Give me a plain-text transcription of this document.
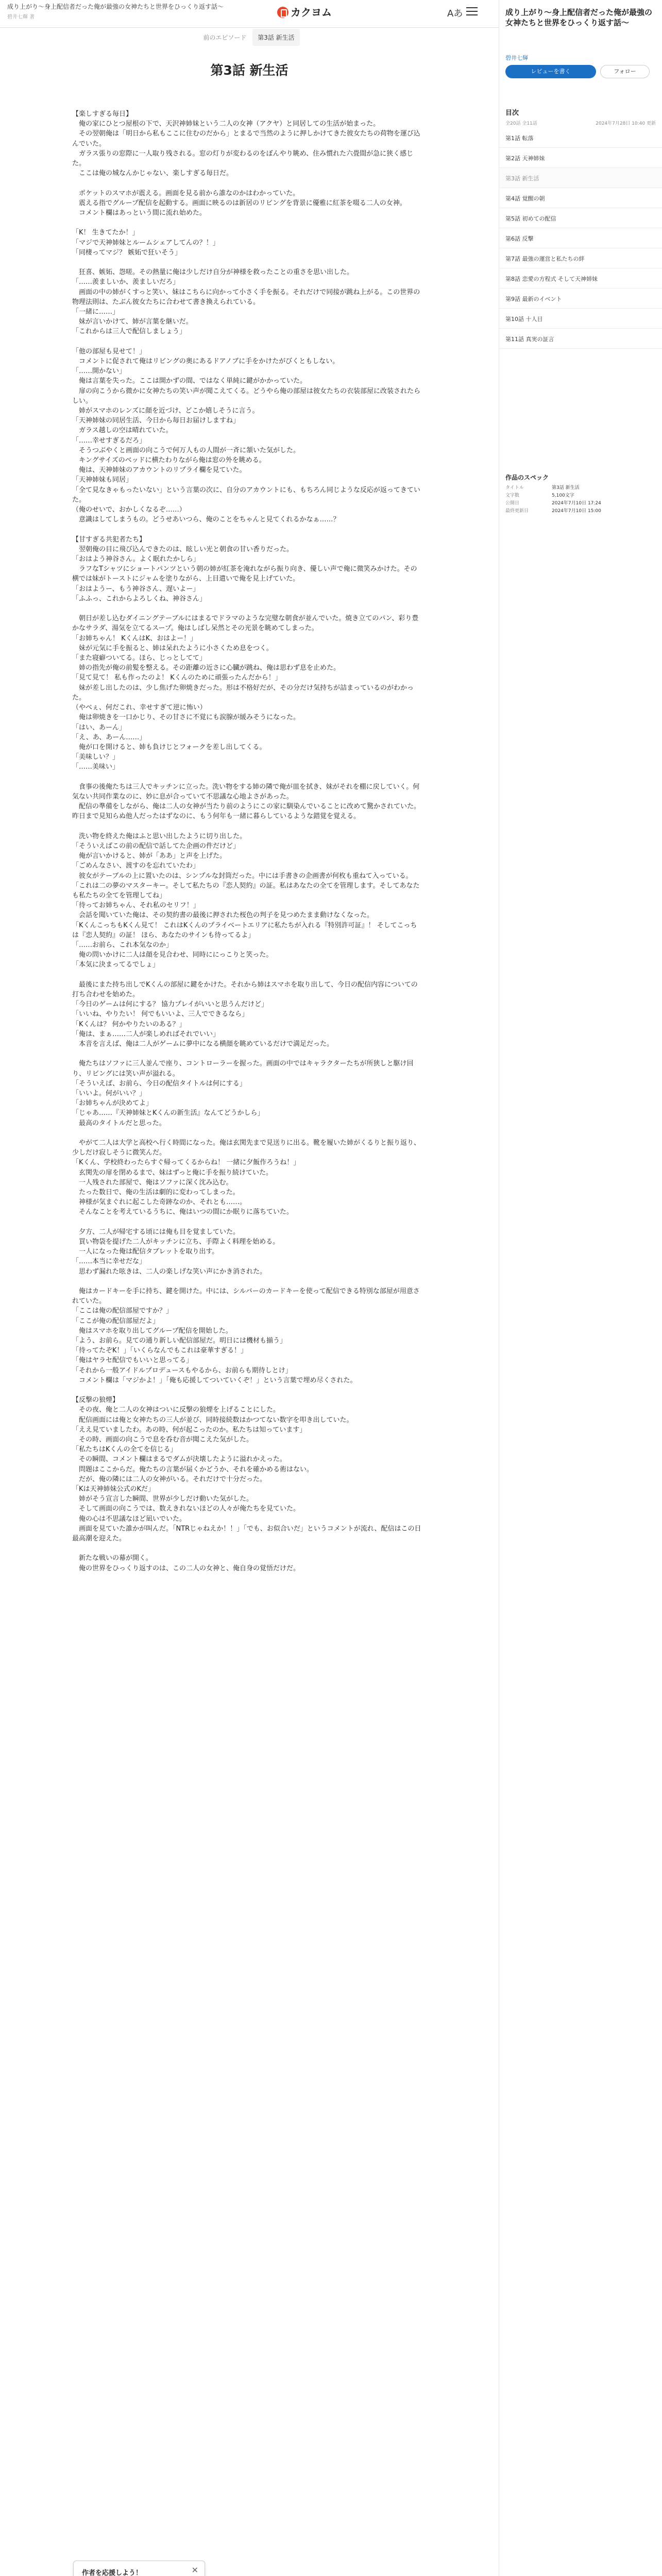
成り上がり〜身上配信者だった俺が最強の女神たちと世界をひっくり返す話〜
碧井七輝 著	カクヨム	Aあ
前のエピソード 第3話 新生活
第3話 新生活

【楽しすぎる毎日】

　俺の家にひとつ屋根の下で、天沢神姉妹という二人の女神（アクヤ）と同居しての生活が始まった。

　その翌朝俺は「明日から私もここに住むのだから」とまるで当然のように押しかけてきた彼女たちの荷物を運び込んでいた。

　ガラス張りの窓際に一人取り残される。窓の灯りが変わるのをぼんやり眺め、住み慣れた六畳間が急に狭く感じた。

　ここは俺の城なんかじゃない、楽しすぎる毎日だ。

　ポケットのスマホが震える。画面を見る前から誰なのかはわかっていた。

　震える指でグループ配信を起動する。画面に映るのは新居のリビングを背景に優雅に紅茶を啜る二人の女神。

　コメント欄はあっという間に流れ始めた。

「K！ 生きてたか！」

「マジで天神姉妹とルームシェアしてんの？！」

「同棲ってマジ？ 嫉妬で狂いそう」

　狂喜、嫉妬、怨嗟。その熱量に俺は少しだけ自分が神様を救ったことの重さを思い出した。

「……羨ましいか、羨ましいだろ」

　画面の中の姉がくすっと笑い、妹はこちらに向かって小さく手を振る。それだけで同接が跳ね上がる。この世界の物理法則は、たぶん彼女たちに合わせて書き換えられている。

「一緒に……」

　妹が言いかけて、姉が言葉を継いだ。

「これからは三人で配信しましょう」

「他の部屋も見せて！」

　コメントに促されて俺はリビングの奥にあるドアノブに手をかけたがびくともしない。

「……開かない」

　俺は言葉を失った。ここは開かずの間、ではなく単純に鍵がかかっていた。

　扉の向こうから微かに女神たちの笑い声が聞こえてくる。どうやら俺の部屋は彼女たちの衣装部屋に改装されたらしい。

　姉がスマホのレンズに顔を近づけ、どこか嬉しそうに言う。

「天神姉妹の同居生活、今日から毎日お届けしますね」

　ガラス越しの空は晴れていた。

「……幸せすぎるだろ」

　そうつぶやくと画面の向こうで何万人もの人間が一斉に頷いた気がした。

　キングサイズのベッドに横たわりながら俺は窓の外を眺める。

　俺は、天神姉妹のアカウントのリプライ欄を見ていた。

「天神姉妹も同居」

「全て見なきゃもったいない」という言葉の次に、自分のアカウントにも、もちろん同じような反応が返ってきていた。

（俺のせいで、おかしくなるぞ……）

　意識はしてしまうもの。どうせあいつら、俺のことをちゃんと見てくれるかなぁ……？

【甘すぎる共犯者たち】

　翌朝俺の目に飛び込んできたのは、眩しい光と朝食の甘い香りだった。

「おはよう神谷さん。よく眠れたかしら」

　ラフなTシャツにショートパンツという朝の姉が紅茶を淹れながら振り向き、優しい声で俺に微笑みかけた。その横では妹がトーストにジャムを塗りながら、上目遣いで俺を見上げていた。

「おはようー、もう神谷さん、遅いよー」

「ふふっ、これからよろしくね、神谷さん」

　朝日が差し込むダイニングテーブルにはまるでドラマのような完璧な朝食が並んでいた。焼き立てのパン、彩り豊かなサラダ、湯気を立てるスープ。俺はしばし呆然とその光景を眺めてしまった。

「お姉ちゃん！ KくんはK、おはよー！」

　妹が元気に手を振ると、姉は呆れたように小さくため息をつく。

「また寝癖ついてる。ほら、じっとしてて」

　姉の指先が俺の前髪を整える。その距離の近さに心臓が跳ね、俺は思わず息を止めた。

「見て見て！ 私も作ったのよ！ Kくんのために頑張ったんだから！」

　妹が差し出したのは、少し焦げた卵焼きだった。形は不格好だが、その分だけ気持ちが詰まっているのがわかった。

（やべぇ、何だこれ、幸せすぎて逆に怖い）

　俺は卵焼きを一口かじり、その甘さに不覚にも涙腺が緩みそうになった。

「はい、あーん」

「え、あ、あーん……」

　俺が口を開けると、姉も負けじとフォークを差し出してくる。

「美味しい？」

「……美味い」

　食事の後俺たちは三人でキッチンに立った。洗い物をする姉の隣で俺が皿を拭き、妹がそれを棚に戻していく。何気ない共同作業なのに、妙に息が合っていて不思議な心地よさがあった。

　配信の準備をしながら、俺は二人の女神が当たり前のようにこの家に馴染んでいることに改めて驚かされていた。昨日まで見知らぬ他人だったはずなのに、もう何年も一緒に暮らしているような錯覚を覚える。

　洗い物を終えた俺はふと思い出したように切り出した。

「そういえばこの前の配信で話してた企画の件だけど」

　俺が言いかけると、姉が「ああ」と声を上げた。

「ごめんなさい、渡すのを忘れていたわ」

　彼女がテーブルの上に置いたのは、シンプルな封筒だった。中には手書きの企画書が何枚も重ねて入っている。

「これは二の夢のマスターキー。そして私たちの『恋人契約』の証。私はあなたの全てを管理します。そしてあなたも私たちの全てを管理してね」

「待ってお姉ちゃん、それ私のセリフ！」

　会話を聞いていた俺は、その契約書の最後に押された桜色の判子を見つめたまま動けなくなった。

「KくんこっちもKくん見て！ これはKくんのプライベートエリアに私たちが入れる『特別許可証』！ そしてこっちは『恋人契約』の証！ ほら、あなたのサインも待ってるよ」

「……お前ら、これ本気なのか」

　俺の問いかけに二人は顔を見合わせ、同時ににっこりと笑った。

「本気に決まってるでしょ」

　最後にまた持ち出しでKくんの部屋に鍵をかけた。それから姉はスマホを取り出して、今日の配信内容についての打ち合わせを始めた。

「今日のゲームは何にする？ 協力プレイがいいと思うんだけど」

「いいね、やりたい！ 何でもいいよ、三人でできるなら」

「Kくんは？ 何かやりたいのある？」

「俺は、まぁ……二人が楽しめればそれでいい」

　本音を言えば、俺は二人がゲームに夢中になる横顔を眺めているだけで満足だった。

　俺たちはソファに三人並んで座り、コントローラーを握った。画面の中ではキャラクターたちが所狭しと駆け回り、リビングには笑い声が溢れる。

「そういえば、お前ら、今日の配信タイトルは何にする」

「いいよ。何がいい？」

「お姉ちゃんが決めてよ」

「じゃあ……『天神姉妹とKくんの新生活』なんてどうかしら」

　最高のタイトルだと思った。

　やがて二人は大学と高校へ行く時間になった。俺は玄関先まで見送りに出る。靴を履いた姉がくるりと振り返り、少しだけ寂しそうに微笑んだ。

「Kくん、学校終わったらすぐ帰ってくるからね！ 一緒に夕飯作ろうね！」

　玄関先の扉を閉めるまで、妹はずっと俺に手を振り続けていた。

　一人残された部屋で、俺はソファに深く沈み込む。

　たった数日で、俺の生活は劇的に変わってしまった。

　神様が気まぐれに起こした奇跡なのか、それとも……。

　そんなことを考えているうちに、俺はいつの間にか眠りに落ちていた。

　夕方、二人が帰宅する頃には俺も目を覚ましていた。

　買い物袋を提げた二人がキッチンに立ち、手際よく料理を始める。

　一人になった俺は配信タブレットを取り出す。

「……本当に幸せだな」

　思わず漏れた呟きは、二人の楽しげな笑い声にかき消された。

　俺はカードキーを手に持ち、鍵を開けた。中には、シルバーのカードキーを使って配信できる特別な部屋が用意されていた。

「ここは俺の配信部屋ですか？」

「ここが俺の配信部屋だよ」

　俺はスマホを取り出してグループ配信を開始した。

「よう、お前ら。見ての通り新しい配信部屋だ。明日には機材も揃う」

「待ってたぞK！」「いくらなんでもこれは豪華すぎる！」

「俺はヤラセ配信でもいいと思ってる」

「それから一般アイドルプロデュースもやるから、お前らも期待しとけ」

　コメント欄は「マジかよ！」「俺も応援してついていくぞ！」という言葉で埋め尽くされた。

【反撃の狼煙】

　その夜、俺と二人の女神はついに反撃の狼煙を上げることにした。

　配信画面には俺と女神たちの三人が並び、同時接続数はかつてない数字を叩き出していた。

「ええ見ていましたわ。あの時、何が起こったのか。私たちは知っています」

　その時、画面の向こうで息を呑む音が聞こえた気がした。

「私たちはKくんの全てを信じる」

　その瞬間、コメント欄はまるでダムが決壊したように溢れかえった。

　問題はここからだ。俺たちの言葉が届くかどうか、それを確かめる術はない。

　だが、俺の隣には二人の女神がいる。それだけで十分だった。

「Kは天神姉妹公式のKだ」

　姉がそう宣言した瞬間、世界が少しだけ動いた気がした。

　そして画面の向こうでは、数えきれないほどの人々が俺たちを見ていた。

　俺の心は不思議なほど凪いでいた。

　画面を見ていた誰かが叫んだ。「NTRじゃねえか！！」「でも、お似合いだ」というコメントが流れ、配信はこの日最高潮を迎えた。

　新たな戦いの幕が開く。

　俺の世界をひっくり返すのは、この二人の女神と、俺自身の覚悟だけだ。

作者を応援しよう！	✕
成り上がり〜身上配信者だった俺が最強の女神たちと世界をひっくり返す話〜
碧井七輝
レビューを書く	フォロー
目次
全20話 全11話	2024年7月28日 10:40 更新
第1話 転落
第2話 天神姉妹
第3話 新生活
第4話 覚醒の朝
第5話 初めての配信
第6話 反撃
第7話 最強の運営と私たちの絆
第8話 恋愛の方程式 そして天神姉妹
第9話 最新のイベント
第10話 十人目
第11話 真実の証言
作品のスペック
タイトル	第3話 新生活
文字数	5,100文字
公開日	2024年7月10日 17:24
最終更新日	2024年7月10日 15:00
